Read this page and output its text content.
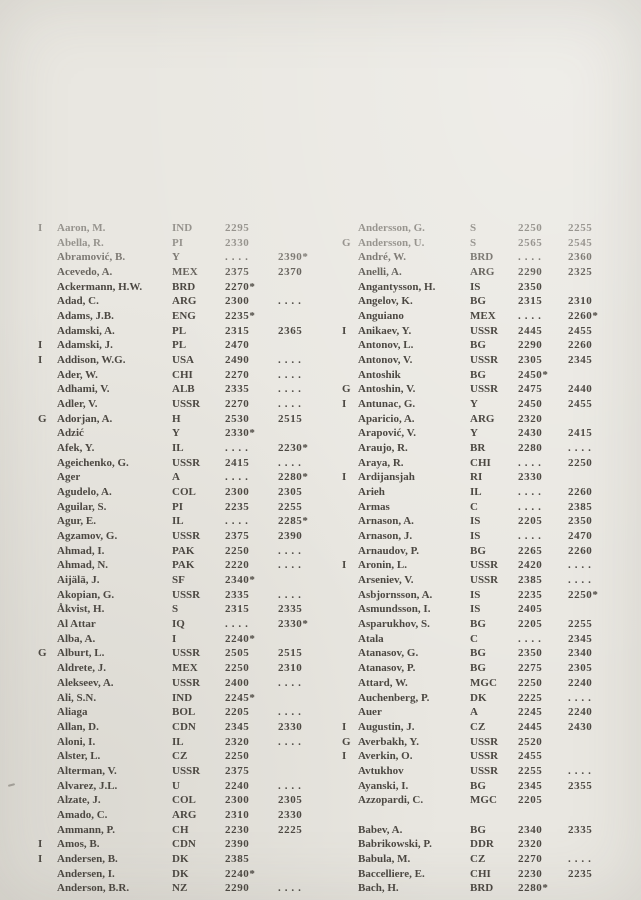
I	Aaron, M.	IND	2295
Abella, R.	PI	2330
Abramović, B.	Y	. . . .	2390*
Acevedo, A.	MEX	2375	2370
Ackermann, H.W.	BRD	2270*
Adad, C.	ARG	2300	. . . .
Adams, J.B.	ENG	2235*
Adamski, A.	PL	2315	2365
I	Adamski, J.	PL	2470
I	Addison, W.G.	USA	2490	. . . .
Ader, W.	CHI	2270	. . . .
Adhami, V.	ALB	2335	. . . .
Adler, V.	USSR	2270	. . . .
G Adorjan, A.	H	2530	2515
Adzić	Y	2330*
Afek, Y.	IL	. . . .	2230*
Ageichenko, G.	USSR	2415	. . . .
Ager	A	. . . .	2280*
Agudelo, A.	COL	2300	2305
Aguilar, S.	PI	2235	2255
Agur, E.	IL	. . . .	2285*
Agzamov, G.	USSR	2375	2390
Ahmad, I.	PAK	2250	. . . .
Ahmad, N.	PAK	2220	. . . .
Aijälä, J.	SF	2340*
Akopian, G.	USSR	2335	. . . .
Åkvist, H.	S	2315	2335
Al Attar	IQ	. . . .	2330*
Alba, A.	I	2240*
G Alburt, L.	USSR	2505	2515
Aldrete, J.	MEX	2250	2310
Alekseev, A.	USSR	2400	. . . .
Ali, S.N.	IND	2245*
Aliaga	BOL	2205	. . . .
Allan, D.	CDN	2345	2330
Aloni, I.	IL	2320	. . . .
Alster, L.	CZ	2250
Alterman, V.	USSR	2375
Alvarez, J.L.	U	2240	. . . .
Alzate, J.	COL	2300	2305
Amado, C.	ARG	2310	2330
Ammann, P.	CH	2230	2225
I	Amos, B.	CDN	2390
I	Andersen, B.	DK	2385
Andersen, I.	DK	2240*
Anderson, B.R.	NZ	2290	. . . .
Andersson, G.	S	2250	2255
G Andersson, U.	S	2565	2545
André, W.	BRD	. . . .	2360
Anelli, A.	ARG	2290	2325
Angantysson, H.	IS	2350
Angelov, K.	BG	2315	2310
Anguiano	MEX	. . . .	2260*
I	Anikaev, Y.	USSR	2445	2455
Antonov, L.	BG	2290	2260
Antonov, V.	USSR	2305	2345
Antoshik	BG	2450*
G Antoshin, V.	USSR	2475	2440
I	Antunac, G.	Y	2450	2455
Aparicio, A.	ARG	2320
Arapović, V.	Y	2430	2415
Araujo, R.	BR	2280	. . . .
Araya, R.	CHI	. . . .	2250
I	Ardijansjah	RI	2330
Arieh	IL	. . . .	2260
Armas	C	. . . .	2385
Arnason, A.	IS	2205	2350
Arnason, J.	IS	. . . .	2470
Arnaudov, P.	BG	2265	2260
I	Aronin, L.	USSR	2420	. . . .
Arseniev, V.	USSR	2385	. . . .
Asbjornsson, A.	IS	2235	2250*
Asmundsson, I.	IS	2405
Asparukhov, S.	BG	2205	2255
Atala	C	. . . .	2345
Atanasov, G.	BG	2350	2340
Atanasov, P.	BG	2275	2305
Attard, W.	MGC	2250	2240
Auchenberg, P.	DK	2225	. . . .
Auer	A	2245	2240
I	Augustin, J.	CZ	2445	2430
G Averbakh, Y.	USSR	2520
I	Averkin, O.	USSR	2455
Avtukhov	USSR	2255	. . . .
Ayanski, I.	BG	2345	2355
Azzopardi, C.	MGC	2205
Babev, A.	BG	2340	2335
Babrikowski, P.	DDR	2320
Babula, M.	CZ	2270	. . . .
Baccelliere, E.	CHI	2230	2235
Bach, H.	BRD	2280*
